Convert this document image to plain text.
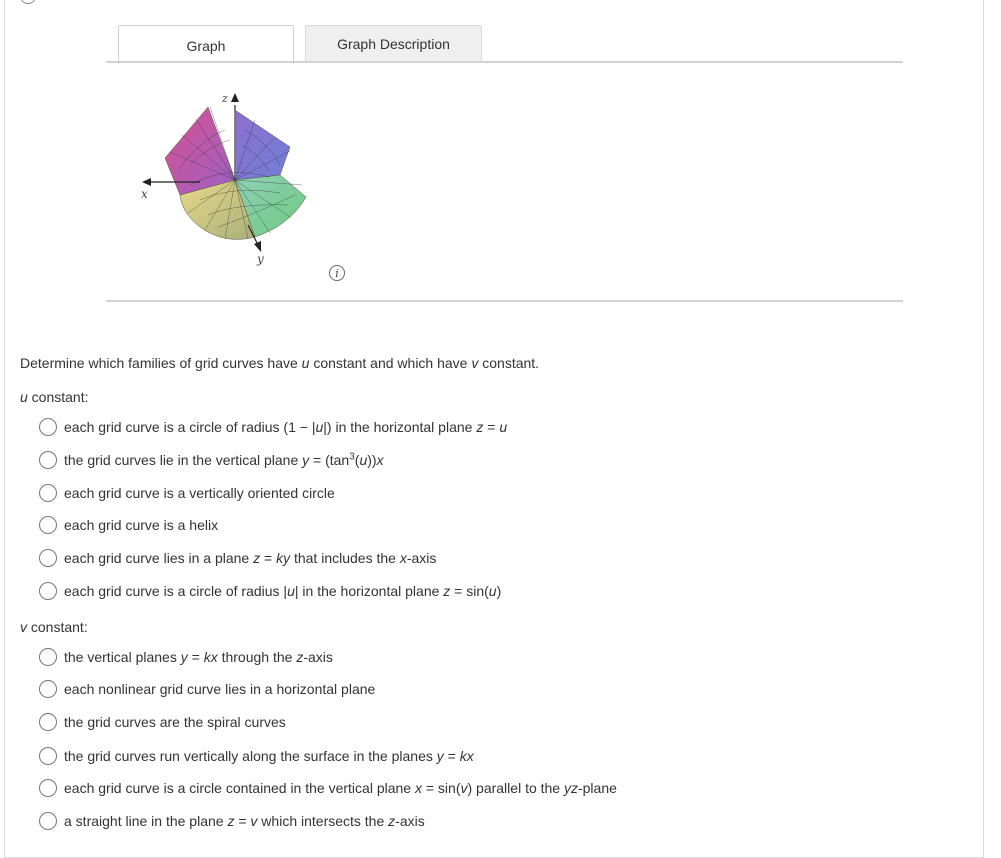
Graph	Graph Description
z
x
y
i
Determine which families of grid curves have u constant and which have v constant.
u constant:
each grid curve is a circle of radius (1 − |u|) in the horizontal plane z = u
the grid curves lie in the vertical plane $y = (\tan^3(u))x$
each grid curve is a vertically oriented circle
each grid curve is a helix
each grid curve lies in a plane z = ky that includes the x-axis
each grid curve is a circle of radius |u| in the horizontal plane z = sin(u)
v constant:
the vertical planes y = kx through the z-axis
each nonlinear grid curve lies in a horizontal plane
the grid curves are the spiral curves
the grid curves run vertically along the surface in the planes y = kx
each grid curve is a circle contained in the vertical plane x = sin(v) parallel to the yz-plane
a straight line in the plane z = v which intersects the z-axis
